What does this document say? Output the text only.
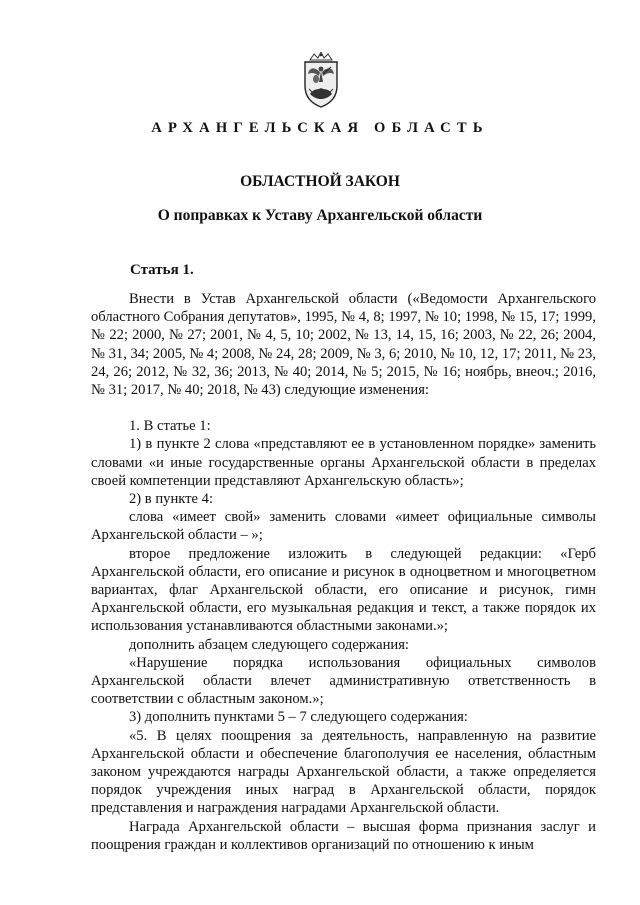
АРХАНГЕЛЬСКАЯ ОБЛАСТЬ
ОБЛАСТНОЙ ЗАКОН
О поправках к Уставу Архангельской области
Статья 1.

Внести в Устав Архангельской области («Ведомости Архангельского областного Собрания депутатов», 1995, № 4, 8; 1997, № 10; 1998, № 15, 17; 1999, № 22; 2000, № 27; 2001, № 4, 5, 10; 2002, № 13, 14, 15, 16; 2003, № 22, 26; 2004, № 31, 34; 2005, № 4; 2008, № 24, 28; 2009, № 3, 6; 2010, № 10, 12, 17; 2011, № 23, 24, 26; 2012, № 32, 36; 2013, № 40; 2014, № 5; 2015, № 16; ноябрь, внеоч.; 2016, № 31; 2017, № 40; 2018, № 43) следующие изменения:

1. В статье 1:

1) в пункте 2 слова «представляют ее в установленном порядке» заменить словами «и иные государственные органы Архангельской области в пределах своей компетенции представляют Архангельскую область»;

2) в пункте 4:

слова «имеет свой» заменить словами «имеет официальные символы Архангельской области – »;

второе предложение изложить в следующей редакции: «Герб Архангельской области, его описание и рисунок в одноцветном и многоцветном вариантах, флаг Архангельской области, его описание и рисунок, гимн Архангельской области, его музыкальная редакция и текст, а также порядок их использования устанавливаются областными законами.»;

дополнить абзацем следующего содержания:

«Нарушение порядка использования официальных символов Архангельской области влечет административную ответственность в соответствии с областным законом.»;

3) дополнить пунктами 5 – 7 следующего содержания:

«5. В целях поощрения за деятельность, направленную на развитие Архангельской области и обеспечение благополучия ее населения, областным законом учреждаются награды Архангельской области, а также определяется порядок учреждения иных наград в Архангельской области, порядок представления и награждения наградами Архангельской области.

Награда Архангельской области – высшая форма признания заслуг и поощрения граждан и коллективов организаций по отношению к иным
